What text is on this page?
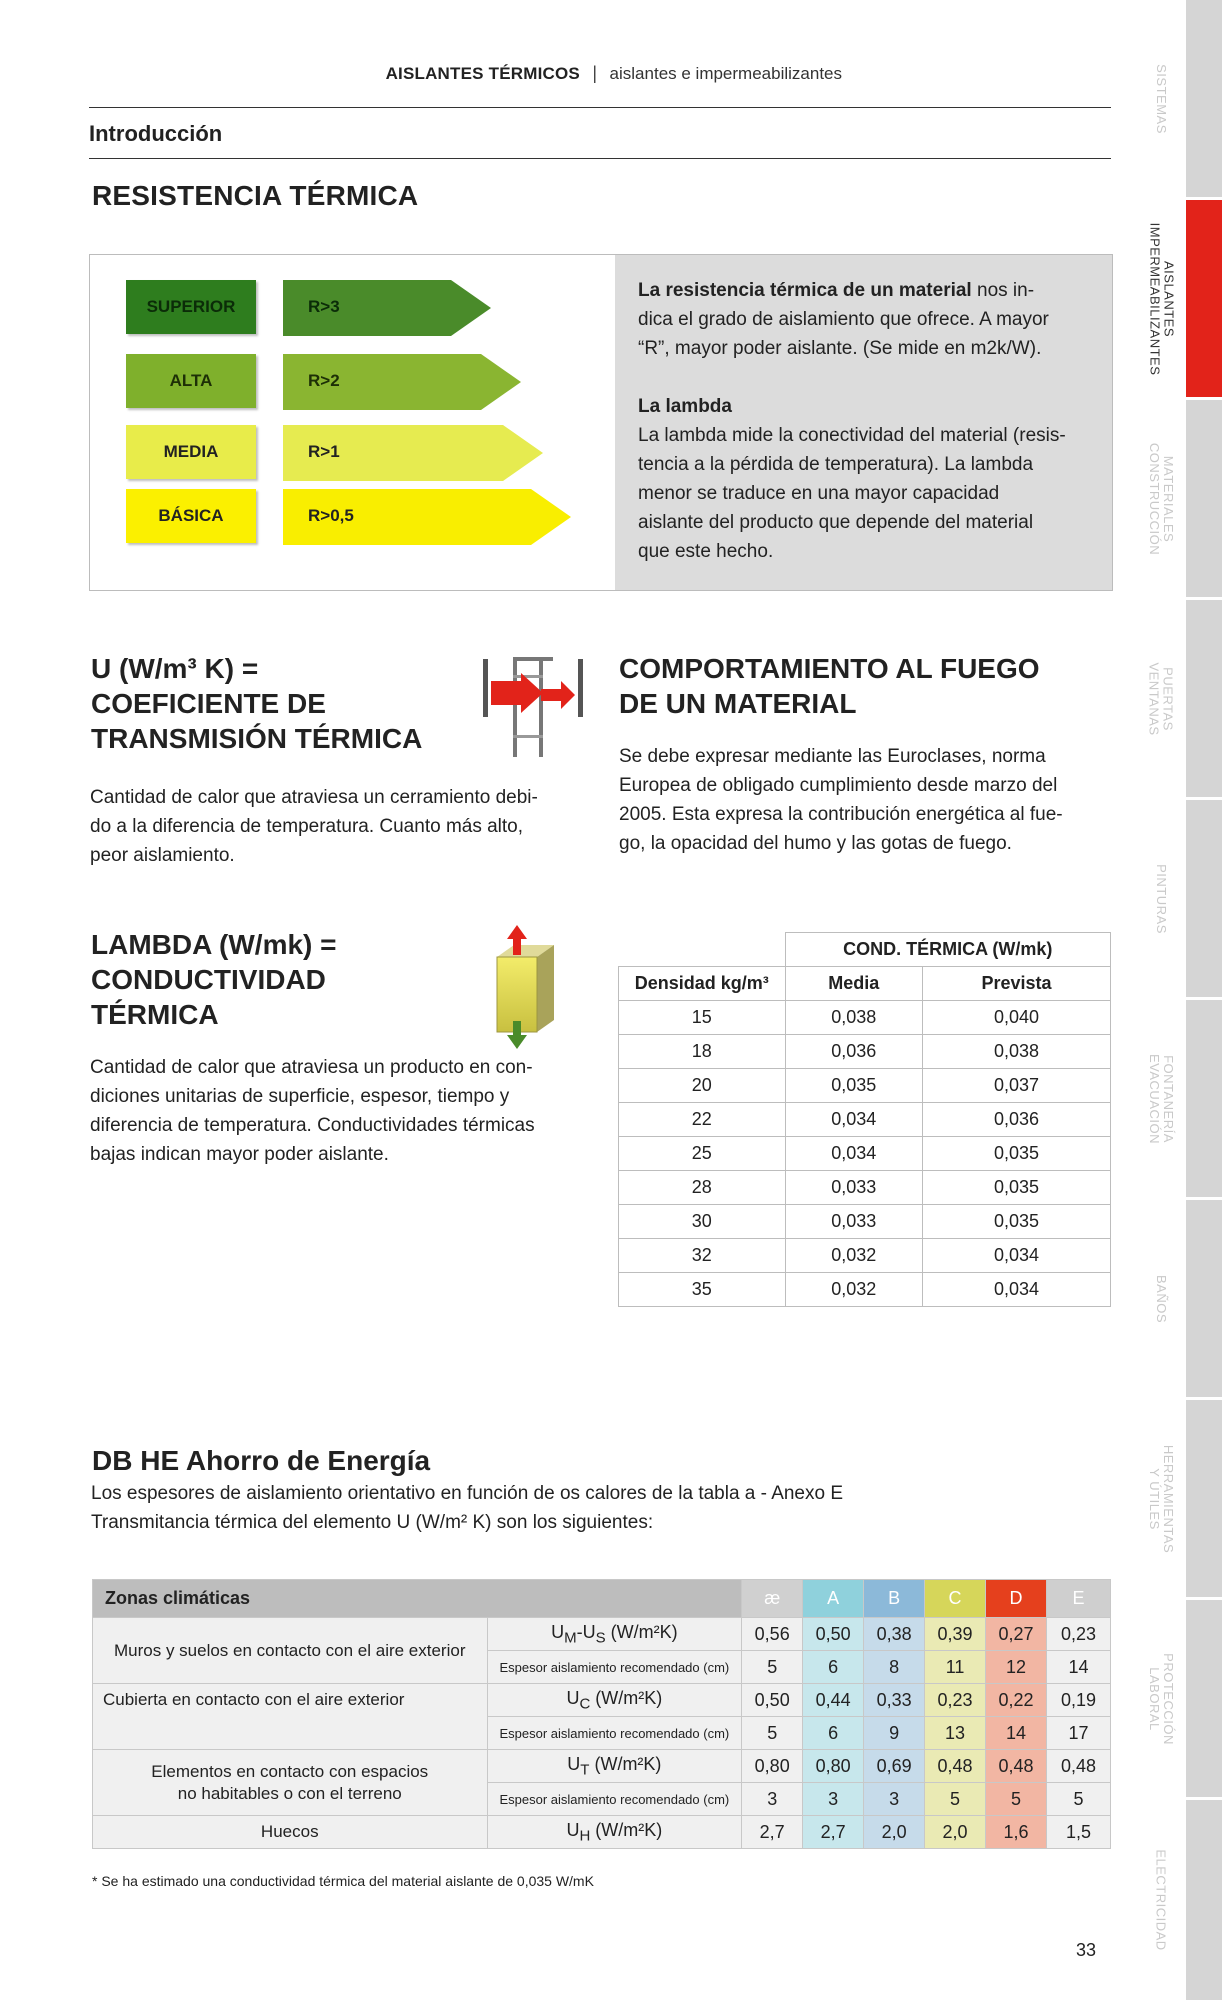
AISLANTES TÉRMICOS | aislantes e impermeabilizantes
Introducción
RESISTENCIA TÉRMICA
SUPERIOR	R>3
ALTA	R>2
MEDIA	R>1
BÁSICA	R>0,5
La resistencia térmica de un material nos in-
dica el grado de aislamiento que ofrece. A mayor
“R”, mayor poder aislante. (Se mide en m2k/W).
La lambda
La lambda mide la conectividad del material (resis-
tencia a la pérdida de temperatura). La lambda
menor se traduce en una mayor capacidad
aislante del producto que depende del material
que este hecho.
U (W/m³ K) =
COEFICIENTE DE
TRANSMISIÓN TÉRMICA
Cantidad de calor que atraviesa un cerramiento debi-
do a la diferencia de temperatura. Cuanto más alto,
peor aislamiento.
COMPORTAMIENTO AL FUEGO
DE UN MATERIAL
Se debe expresar mediante las Euroclases, norma
Europea de obligado cumplimiento desde marzo del
2005. Esta expresa la contribución energética al fue-
go, la opacidad del humo y las gotas de fuego.
LAMBDA (W/mk) =
CONDUCTIVIDAD
TÉRMICA
Cantidad de calor que atraviesa un producto en con-
diciones unitarias de superficie, espesor, tiempo y
diferencia de temperatura. Conductividades térmicas
bajas indican mayor poder aislante.
	COND. TÉRMICA (W/mk)	
Densidad kg/m³	Media	Prevista
15	0,038	0,040
18	0,036	0,038
20	0,035	0,037
22	0,034	0,036
25	0,034	0,035
28	0,033	0,035
30	0,033	0,035
32	0,032	0,034
35	0,032	0,034
DB HE Ahorro de Energía
Los espesores de aislamiento orientativo en función de os calores de la tabla a - Anexo E
Transmitancia térmica del elemento U (W/m² K) son los siguientes:
Zonas climáticas		æ	A	B	C	D	E
Muros y suelos en contacto con el aire exterior	$U_M-U_S$ (W/m²K)	0,56	0,50	0,38	0,39	0,27	0,23
	Espesor aislamiento recomendado (cm)	5	6	8	11	12	14
Cubierta en contacto con el aire exterior	$U_C$ (W/m²K)	0,50	0,44	0,33	0,23	0,22	0,19
	Espesor aislamiento recomendado (cm)	5	6	9	13	14	17

Elementos en contacto con espacios
no habitables o con el terreno	$U_T$ (W/m²K)	0,80	0,80	0,69	0,48	0,48	0,48
	Espesor aislamiento recomendado (cm)	3	3	3	5	5	5
Huecos	$U_H$ (W/m²K)	2,7	2,7	2,0	2,0	1,6	1,5
* Se ha estimado una conductividad térmica del material aislante de 0,035 W/mK
33
SISTEMAS
AISLANTES
IMPERMEABILIZANTES
MATERIALES
CONSTRUCCIÓN
PUERTAS
VENTANAS
PINTURAS
FONTANERÍA
EVACUACIÓN
BAÑOS
HERRAMIENTAS
Y ÚTILES
PROTECCIÓN
LABORAL
ELECTRICIDAD
